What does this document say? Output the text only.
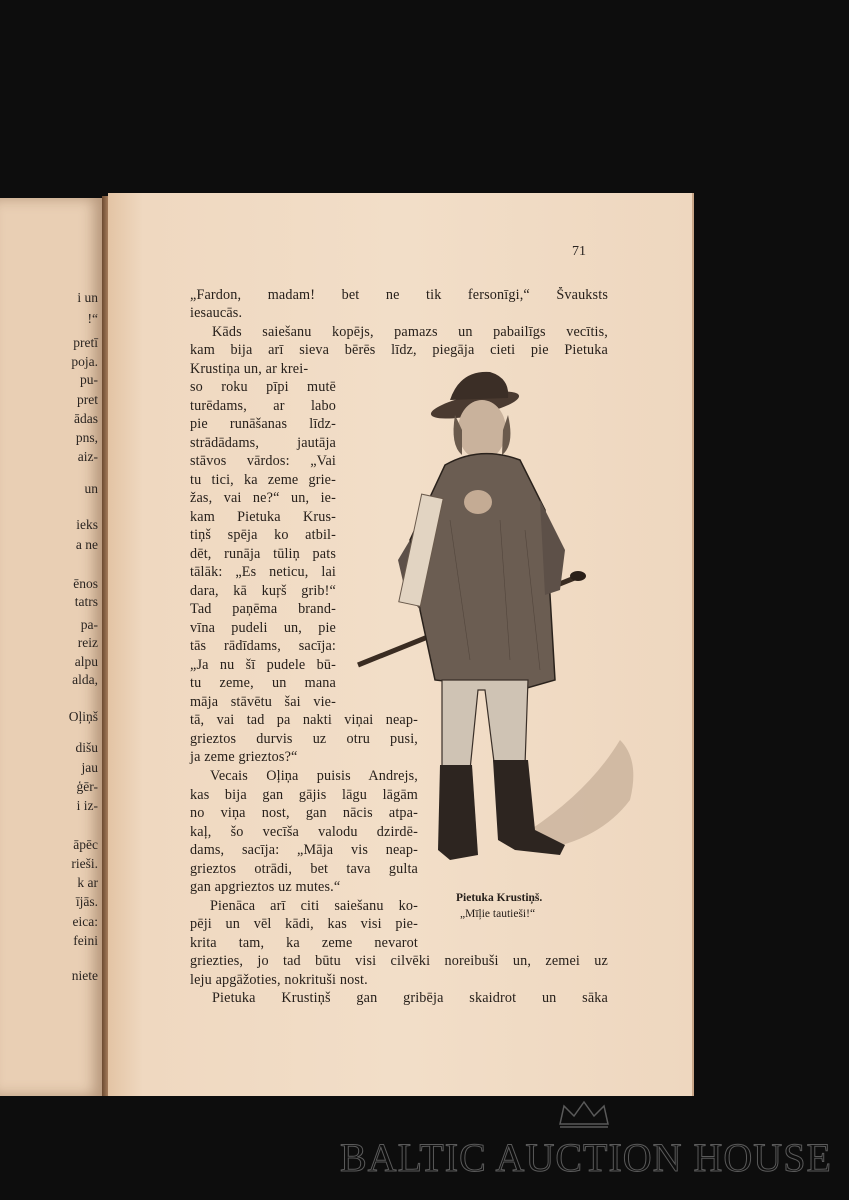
i un
!“
pretī
poja.
pu-
pret
ādas
pns,
aiz-
un
ieks
a ne
ēnos
tatrs
pa-
reiz
alpu
alda,
Oļiņš
dišu
jau
ģēr-
i iz-
āpēc
rieši.
k ar
ījās.
eica:
feini
niete
71
„Fardon, madam! bet ne tik fersonīgi,“ Švauksts
iesaucās.
Kāds saiešanu kopējs, pamazs un pabailīgs vecītis,
kam bija arī sieva bērēs līdz, piegāja cieti pie Pietuka
Krustiņa un, ar krei-
so roku pīpi mutē
turēdams, ar labo
pie runāšanas līdz-
strādādams, jautāja
stāvos vārdos: „Vai
tu tici, ka zeme grie-
žas, vai ne?“ un, ie-
kam Pietuka Krus-
tiņš spēja ko atbil-
dēt, runāja tūliņ pats
tālāk: „Es neticu, lai
dara, kā kuŗš grib!“
Tad paņēma brand-
vīna pudeli un, pie
tās rādīdams, sacīja:
„Ja nu šī pudele bū-
tu zeme, un mana
māja stāvētu šai vie-
tā, vai tad pa nakti viņai neap-
grieztos durvis uz otru pusi,
ja zeme grieztos?“
Vecais Oļiņa puisis Andrejs,
kas bija gan gājis lāgu lāgām
no viņa nost, gan nācis atpa-
kaļ, šo vecīša valodu dzirdē-
dams, sacīja: „Māja vis neap-
grieztos otrādi, bet tava gulta
gan apgrieztos uz mutes.“
Pienāca arī citi saiešanu ko-
pēji un vēl kādi, kas visi pie-
krita tam, ka zeme nevarot
griezties, jo tad būtu visi cilvēki noreibuši un, zemei uz
leju apgāžoties, nokrituši nost.
Pietuka Krustiņš gan gribēja skaidrot un sāka
Pietuka Krustiņš.
„Mīļie tautieši!“
BALTIC AUCTION HOUSE
